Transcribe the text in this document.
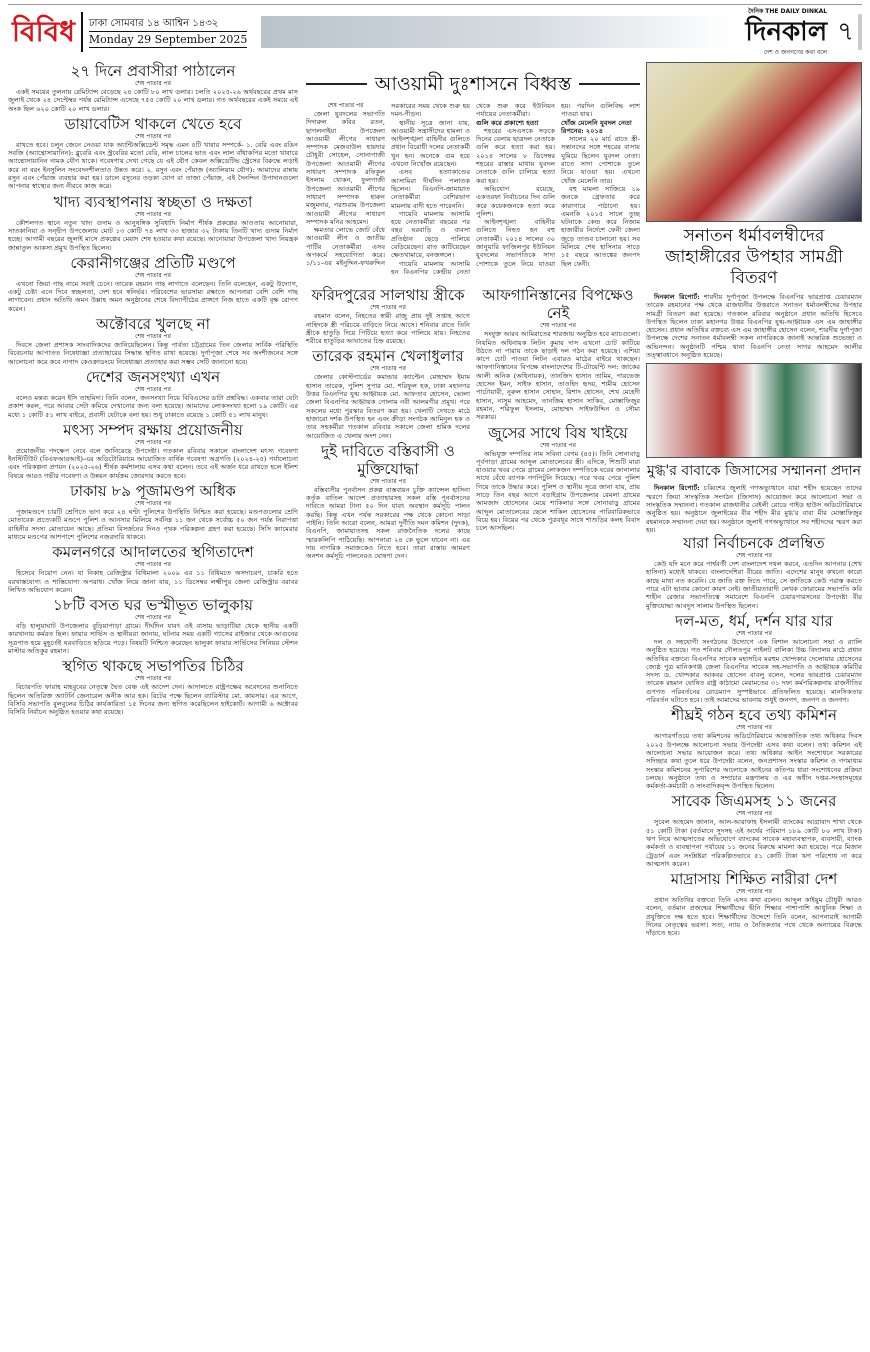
বিবিধ	ঢাকা সোমবার ১৪ আশ্বিন ১৪৩২
Monday 29 September 2025
দৈনিক THE DAILY DINKAL
দিনকাল
দেশ ও জনগণের কথা বলে
৭
২৭ দিনে প্রবাসীরা পাঠালেন
শেষ পাতার পর
একই সময়ের তুলনায় রেমিট্যান্স বেড়েছে ২৪ কোটি ৮০ লাখ ডলার। চলতি ২০২৫-২৬ অর্থবছরের প্রথম মাস জুলাই থেকে ২৪ সেপ্টেম্বর পর্যন্ত রেমিট্যান্স এসেছে ৭৫৫ কোটি ২০ লাখ ডলার। গত অর্থবছরের একই সময়ে এই অংক ছিল ৬২০ কোটি ২০ লাখ ডলার।
ডায়াবেটিস থাকলে খেতে হবে
শেষ পাতার পর
রাখতে হবে। চলুন জেনে নেওয়া যাক অ্যান্টিঅক্সিডেন্ট সমৃদ্ধ এমন ৫টি খাবার সম্পর্কে- ১. বেরি এবং রঙিন সবজি (অ্যান্থোসায়ানিন): ব্লুবেরি এবং স্ট্রবেরির মতো বেরি, লাল চালের ভাত এবং লাল বাঁধাকপির মতো খাবারে অ্যান্থোসায়ানিন নামক যৌগ থাকে। গবেষণায় দেখা গেছে যে এই যৌগ কেবল অক্সিডেটিভ স্ট্রেসের বিরুদ্ধে লড়াই করে না বরং ইনসুলিন সংবেদনশীলতাও উন্নত করে। ২. রসুন এবং পেঁয়াজ (অ্যালিয়াম যৌগ): আমাদের রান্নায় রসুন এবং পেঁয়াজ ব্যবহার করা হয়। ডালে রসুনের তড়কা যোগ বা তাজা পেঁয়াজ, এই দৈনন্দিন উপাদানগুলো আপনার স্বাস্থ্যের জন্য নীরবে কাজ করে।
খাদ্য ব্যবস্থাপনায় স্বচ্ছতা ও দক্ষতা
শেষ পাতার পর
কৌশলগত স্থানে নতুন খাদ্য গুদাম ও আনুষঙ্গিক সুবিধাদি নির্মাণ শীর্ষক প্রকল্পের আওতায় আনোয়ারা, সাতকানিয়া ও সন্দ্বীপ উপজেলায় মোট ১৩ কোটি ৭৪ লাখ ৩৩ হাজার ৩২ টাকায় তিনটি খাদ্য গুদাম নির্মাণ হচ্ছে। আগামী বছরের জুলাই মাসে প্রকল্পের মেয়াদ শেষ হওয়ার কথা রয়েছে। আনোয়ারা উপজেলা খাদ্য নিয়ন্ত্রক জান্নাতুল আকসা প্রমুখ উপস্থিত ছিলেন।
কেরানীগঞ্জের প্রতিটি মণ্ডপে
শেষ পাতার পর
এখনো জিয়া গাছ নামে সবাই চেনে। তারেক রহমান গাছ লাগাতে বলেছেন। তিনি বলেছেন, একটু উদ্যোগ, একটু চেষ্টা এনে দিবে স্বচ্ছলতা, দেশ হবে স্বনির্ভর। পরিবেশের ভারসাম্য রক্ষাতে আপনারা বেশি বেশি গাছ লাগাবেন। প্রধান অতিথি অমন উল্লাহ অমন অনুষ্ঠানের শেষে বিদ্যাপীঠের প্রাঙ্গণে নিজ হাতে একটি বৃক্ষ রোপণ করেন।
অক্টোবরে খুলছে না
শেষ পাতার পর
দিবসে জেলা প্রশাসক সাংবাদিকদের জানিয়েছিলেন। কিন্তু পার্বত্য চট্টগ্রামের তিন জেলার সার্বিক পরিস্থিতি বিবেচনায় আপাতত নিষেধাজ্ঞা প্রত্যাহারের সিদ্ধান্ত স্থগিত রাখা হয়েছে। দুর্গাপূজা শেষে সব অংশীজনের সঙ্গে আলোচনা করে কবে নাগাদ কেওক্রাডংয়ে নিষেধাজ্ঞা প্রত্যাহার করা সম্ভব সেটি জানানো হবে।
দেশের জনসংখ্যা এখন
শেষ পাতার পর
বলেও মন্তব্য করেন ইসি তাহমিদা। তিনি বলেন, জনসংখ্যা নিয়ে বিবিএসের ডাটা প্রশ্নবিদ্ধ। একবার তারা যেটা প্রকাশ করল, পরে আবার সেটা কমিয়ে দেখানোর জন্য বলা হয়েছে। আমাদের লোকসংখ্যা হলো ১৯ কোটি। এর মধ্যে ১ কোটি ৫১ লাখ বাইরে, প্রবাসী যেটাকে বলা হয়। শুধু ঢাকাতে রয়েছে ১ কোটি ৫১ লাখ মানুষ।
মৎস্য সম্পদ রক্ষায় প্রয়োজনীয়
শেষ পাতার পর
প্রয়োজনীয় পদক্ষেপ নেবে বলে জানিয়েছে উপদেষ্টা। গতকাল রবিবার সকালে বাংলাদেশ মৎস্য গবেষণা ইনস্টিটিউট (বিএফআরআই)-এর অডিটোরিয়ামে আয়োজিত বার্ষিক গবেষণা অগ্রগতি (২০২৪-২৫) পর্যালোচনা এবং পরিকল্পনা প্রণয়ন (২০২৫-২৬) শীর্ষক কর্মশালায় এসব কথা বলেন। তবে এই অর্জন ধরে রাখতে হলে ইলিশ বিষয়ে আরও গভীর গবেষণা ও উন্নয়ন কার্যক্রম জোরদার করতে হবে।
ঢাকায় ৮৯ পূজামণ্ডপ অধিক
শেষ পাতার পর
পূজামণ্ডপে চারটি শ্রেণিতে ভাগ করে ২৪ ঘণ্টা পুলিশের উপস্থিতি নিশ্চিত করা হয়েছে। মণ্ডপগুলোর শ্রেণি মোতাবেক প্রত্যেকটি মণ্ডপে পুলিশ ও আনসার মিলিয়ে সর্বনিম্ন ১১ জন থেকে সর্বোচ্চ ৫০ জন পর্যন্ত নিরাপত্তা বাহিনীর সদস্য মোতায়েন আছে। প্রতিমা বিসর্জনের দিনও পৃথক পরিকল্পনা গ্রহণ করা হয়েছে। সিসি ক্যামেরার মাধ্যমে মণ্ডপের আশপাশে পুলিশের নজরদারি থাকবে।
কমলনগরে আদালতের স্থগিতাদেশ
শেষ পাতার পর
হিসেবে নিয়োগ নেন। যা নিকাহ রেজিস্ট্রার বিধিমালা ২০০৯ এর ১১ বিধিমতে অসদাচরণ, চাকরি হতে বরখাস্তযোগ্য ও শাস্তিযোগ্য অপরাধ। খোঁজ নিয়ে জানা যায়, ১১ ডিসেম্বর লক্ষ্মীপুর জেলা রেজিস্ট্রার বরাবর লিখিত অভিযোগ করেন।
১৮টি বসত ঘর ভস্মীভূত ভালুকায়
শেষ পাতার পর
বড়ি হালুয়াঘাট উপজেলার বুড়িয়াপাড়া গ্রামে। দীর্ঘদিন যাবৎ ওই বাসায় ভাড়াটিয়া থেকে স্থানীয় একটি কারখানায় কর্মরত ছিল। ফায়ার সার্ভিস ও স্থানীয়রা জানায়, ঘটনার সময় একটি গ্যাসের রাইজার থেকে আগুনের সূত্রপাত হয়ে মুহূর্তেই ঘরবাড়িতে ছড়িয়ে পড়ে। বিষয়টি নিশ্চিত করেছেন ভালুকা ফায়ার সার্ভিসের সিনিয়র স্টেশন মাস্টার অতিকুর রহমান।
স্থগিত থাকছে সভাপতির চিঠির
শেষ পাতার পর
বিচারপতি ফারাহ মাহবুবের নেতৃত্বে দ্বৈত বেঞ্চ এই আদেশ দেন। আদালতে রাষ্ট্রপক্ষের অবেদনের শুনানিতে ছিলেন অতিরিক্ত অ্যাটর্নি জেনারেল অনীক আর হক। রিটের পক্ষে ছিলেন ব্যারিস্টার মো. কায়সার। এর আগে, বিসিবি সভাপতি বুলবুলের চিঠির কার্যকারিতা ১৫ দিনের জন্য স্থগিত করেছিলেন হাইকোর্ট। আগামী ৬ অক্টোবর বিসিবি নির্বাচন অনুষ্ঠিত হওয়ার কথা রয়েছে।
আওয়ামী দুঃশাসনে বিধ্বস্ত
শেষ পাতার পর
জেলা যুবদলের সভাপতি দিদারুল কবির রতন, ছাগলনাইয়া উপজেলা আওয়ামী লীগের সাধারণ সম্পাদক মেজবাউল হায়দার চৌধুরী সোহেল, সোনাগাজী উপজেলা আওয়ামী লীগের সাধারণ সম্পাদক রফিকুল ইসলাম খোকন, ফুলগাজী উপজেলা আওয়ামী লীগের সাধারণ সম্পাদক হারুন মজুমদার, পরশুরাম উপজেলা আওয়ামী লীগের সাধারণ সম্পাদক মনির আহমেদ।
ক্ষমতার লোভে জোট বেঁধে আওয়ামী লীগ ও জাতীয় পার্টির নেতাকর্মীরা এসব অপকর্মে সহযোগিতা করে। ১/১১-এর মইনুদ্দিন-ফখরুদ্দিন সরকারের সময় থেকে শুরু হয় দমন-পীড়ন।
স্থানীয় সূত্রে জানা যায়, আওয়ামী সন্ত্রাসীদের হামলা ও আইনশৃঙ্খলা বাহিনীর গুলিতে প্রধান বিরোধী দলের নেতাকর্মী খুন হন। অনেকে গুম হয়ে এখনো নিখোঁজ রয়েছেন।
এসব হত্যাকাণ্ডের আসামিরা দীর্ঘদিন পলাতক ছিলেন। বিএনপি-জামায়াত নেতাকর্মীরা বেশিরভাগ মামলায় বাদী হতে পারেননি।
গায়েবি মামলায় আসামি হয়ে নেতাকর্মীরা বছরের পর বছর ঘরবাড়ি ও ব্যবসা প্রতিষ্ঠান ছেড়ে পালিয়ে বেড়িয়েছেন। রাত কাটিয়েছেন ক্ষেতখামারে, বনজঙ্গলে।
গায়েবি মামলায় আসামি হন বিএনপির কেন্দ্রীয় নেতা থেকে শুরু করে ইউনিয়ন পর্যায়ের নেতাকর্মীরা।
গুলি করে প্রকাশ্যে হত্যা
শহরের এসএসকে সড়কে দিনের বেলায় ছাত্রদল নেতাকে গুলি করে হত্যা করা হয়। ২০১৪ সালের ৮ ডিসেম্বর শহরের রাস্তার মাথায় যুবদল নেতাকে গুলি চালিয়ে হত্যা করা হয়।
অভিযোগ রয়েছে, একতরফা নির্বাচনের দিন গুলি করে কয়েকজনকে হত্যা করে পুলিশ।
আইনশৃঙ্খলা বাহিনীর গুলিতে নিহত হন বহু নেতাকর্মী। ২০১৪ সালের ৩০ জানুয়ারি ফাজিলপুর ইউনিয়ন যুবদলের সভাপতিকে সাদা পোশাকে তুলে নিয়ে যাওয়া হয়। পরদিন গুলিবিদ্ধ লাশ পাওয়া যায়।
খোঁজ মেলেনি যুবদল নেতা রিপনের: ২০১৪
সালের ২০ মার্চ রাতে স্ত্রী-সন্তানদের সঙ্গে শহরের বাসায় ঘুমিয়ে ছিলেন যুবদল নেতা। রাতে সাদা পোশাকে তুলে নিয়ে যাওয়া হয়। এখনো খোঁজ মেলেনি তার।
বহু মামলা সাজিয়ে ১৯ জনকে গ্রেফতার করে কারাগারে পাঠানো হয়। এমনকি ২০১৫ সালে তুচ্ছ ঘটনাকে কেন্দ্র করে নিজাম হাজারীর নির্দেশে ফেনী জেলা জুড়ে তাণ্ডব চালানো হয়। সব মিলিয়ে শেষ হাসিনার সাড়ে ১৫ বছরে আতঙ্কের জনপদ ছিল ফেনী।
ফরিদপুরের সালথায় স্ত্রীকে
শেষ পাতার পর
রহমান বলেন, নিহতের স্বামী রাজু প্রায় দুই সপ্তাহ আগে নাহিদকে স্ত্রী পরিচয়ে বাড়িতে নিয়ে আসে। শনিবার রাতে তিনি স্ত্রীকে হাতুড়ি দিয়ে পিটিয়ে হত্যা করে পালিয়ে যায়। নিহতের শরীরে হাতুড়ির আঘাতের চিহ্ন রয়েছে।
তারেক রহমান খেলাধুলার
শেষ পাতার পর
জেলার কোস্টগার্ডের কমান্ডার ক্যাপ্টেন মোহাম্মদ ইমাম হাসান তারেক, পুলিশ সুপার মো. শরিফুল হক, ঢাকা মহানগর উত্তর বিএনপির যুগ্ম আহ্বায়ক মো. আফতাব হোসেন, ভোলা জেলা বিএনপির আহ্বায়ক গোলাম নবী আলমগীর প্রমুখ। পরে সকলের মধ্যে পুরস্কার বিতরণ করা হয়। খেলাটি দেখতে মাঠে হাজারো দর্শক উপস্থিত হন এবং ক্রীড়া সংগঠক আমিনুল হক ও তার সহকর্মীরা গতকাল রবিবার সকালে জেলা শ্রমিক দলের আয়োজিত এ খেলায় অংশ নেন।
দুই দাবিতে বস্তিবাসী ও মুক্তিযোদ্ধা
শেষ পাতার পর
বস্তিবাসীর পুনর্বাসন প্রকল্প বাস্তবায়ন চুক্তি ক্যান্সেল হাসিনা কর্তৃক বাতিল আদেশ প্রত্যাহারসহ সকল বস্তি পুনর্বাসনের দাবিতে আমরা টানা ৫০ দিন যাবৎ অবস্থান কর্মসূচি পালন করছি। কিন্তু এখন পর্যন্ত সরকারের পক্ষ থেকে কোনো সাড়া পাইনি। তিনি আরো বলেন, আমরা দুর্নীতি দমন কমিশন (দুদক), বিএনপি, জামায়াতসহ সকল রাজনৈতিক দলের কাছে স্মারকলিপি পাঠিয়েছি। আপনারা ২৪ কে ভুলে যাবেন না। এর দায় নাগরিক সমাজকেও নিতে হবে। তারা রাস্তায় আমরণ অনশন কর্মসূচি পালনেরও ঘোষণা দেন।
আফগানিস্তানের বিপক্ষেও নেই
শেষ পাতার পর
সংযুক্ত আরব আমিরাতের শারজায় অনুষ্ঠিত হবে ম্যাচগুলো। নিয়মিত অধিনায়ক লিটন কুমার দাস এখনো চোট কাটিয়ে উঠতে না পারায় তাকে ছাড়াই দল গঠন করা হয়েছে। এশিয়া কাপে চোট পাওয়া লিটন এবারও মাঠের বাইরে থাকছেন। আফগানিস্তানের বিপক্ষে বাংলাদেশের টি-টোয়েন্টি দল: জাকের আলী অনিক (অধিনায়ক), তানজিদ হাসান তামিম, পারভেজ হোসেন ইমন, সাইফ হাসান, তাওহিদ হৃদয়, শামীম হোসেন পাটোয়ারী, নুরুল হাসান সোহান, রিশাদ হোসেন, শেখ মেহেদী হাসান, নাসুম আহমেদ, তানজিম হাসান সাকিব, মোস্তাফিজুর রহমান, শরিফুল ইসলাম, মোহাম্মদ সাইফউদ্দিন ও সৌম্য সরকার।
জুসের সাথে বিষ খাইয়ে
শেষ পাতার পর
অভিযুক্ত দম্পতির নাম সবিনা বেগম (৪৫)। তিনি সোনাবাড়ু পূর্বপাড়া গ্রামের আব্দুল মোতালেবের স্ত্রী। এদিকে, শিশুটি মারা যাওয়ার খবর পেয়ে গ্রামের লোকজন দম্পতিকে ঘরের জানালার সাথে বেঁধে ব্যাপক গণপিটুনি দিয়েছে। পরে খবর পেয়ে পুলিশ গিয়ে তাকে উদ্ধার করে। পুলিশ ও স্থানীয় সূত্রে জানা যায়, প্রায় সাড়ে তিন বছর আগে বড়াইগ্রাম উপজেলার রেমলা গ্রামের আমজাদ হোসেনের মেয়ে শাকিলার সঙ্গে সোনাবাড়ু গ্রামের আব্দুল মোতালেবের ছেলে শাকিল হোসেনের পারিবারিকভাবে বিয়ে হয়। বিয়ের পর থেকে পুত্রবধূর সাথে শাশুড়ির কলহ বিবাদ চলে আসছিল।
সনাতন ধর্মাবলম্বীদের জাহাঙ্গীরের উপহার সামগ্রী বিতরণ
দিনকাল রিপোর্ট: শারদীয় দুর্গাপূজা উপলক্ষে বিএনপির ভারপ্রাপ্ত চেয়ারম্যান তারেক রহমানের পক্ষ থেকে রাজধানীর উত্তরাতে সনাতন ধর্মাবলম্বীদের উপহার সামগ্রী বিতরণ করা হয়েছে। গতকাল রবিবার অনুষ্ঠানে প্রধান অতিথি হিসেবে উপস্থিত ছিলেন ঢাকা মহানগর উত্তর বিএনপির যুগ্ম-আহ্বায়ক এস এম জাহাঙ্গীর হোসেন। প্রধান অতিথির বক্তব্যে এস এম জাহাঙ্গীর হোসেন বলেন, শারদীয় দুর্গাপূজা উপলক্ষে দেশের সনাতন ধর্মাবলম্বী সকল নাগরিককে জানাই আন্তরিক শুভেচ্ছা ও অভিনন্দন। অনুষ্ঠানটি পশ্চিম থানা বিএনপি নেতা সাগর আহমেদ আলীর তত্ত্বাবধানে অনুষ্ঠিত হয়েছে।
মুগ্ধ'র বাবাকে জিসাসের সম্মাননা প্রদান
দিনকাল রিপোর্ট: চব্বিশের জুলাই গণঅভ্যুত্থানে যারা শহীদ হয়েছেন তাদের স্মরণে জিয়া সাংস্কৃতিক সংগঠন (জিসাস) আয়োজন করে আলোচনা সভা ও সাংস্কৃতিক সম্মাননা। গতকাল রাজধানীর বেইলী রোডে গাইড হাউস অডিটোরিয়ামে অনুষ্ঠিত হয়। অনুষ্ঠানে জুলাইয়ের বীর শহীদ মীর মুগ্ধ'র বাবা মীর মোস্তাফিজুর রহমানকে সম্মাননা দেয়া হয়। অনুষ্ঠানে জুলাই গণঅভ্যুত্থানে সব শহীদদের স্মরণ করা হয়।
যারা নির্বাচনকে প্রলম্বিত
শেষ পাতার পর
কেউ যদি মনে করে পার্শ্ববর্তী দেশ বাংলাদেশ দখল করবে, এতদিন আপনার (শেখ হাসিনা) মধ্যেই থাকবে। বাংলাদেশিরা বীরের জাতি। এদেশের মানুষ কখনো কারো কাছে মাথা নত করেনি। যে জাতি রক্ত দিতে পারে, সে জাতিকে কেউ পরাস্ত করতে পারে এটা ভাবার কোনো কারণ নেই। জাতীয়তাবাদী লেখক ফোরামের সভাপতি কবি শাহীন রেজার সভাপতিত্বে সমাবেশে বিএনপি চেয়ারপারসনের উপদেষ্টা বীর মুক্তিযোদ্ধা আবদুস সালাম উপস্থিত ছিলেন।
দল-মত, ধর্ম, দর্শন যার যার
শেষ পাতার পর
দল ও সহযোগী সংগঠনের উদ্যোগে এক বিশাল আলোচনা সভা ও র‌্যালি অনুষ্ঠিত হয়েছে। গত শনিবার দৌলতপুর পাইলট বালিকা উচ্চ বিদ্যালয় মাঠে প্রধান অতিথির বক্তব্যে বিএনপির সাবেক মহাসচিব মরহুম খোন্দকার দেলোয়ার হোসেনের জ্যেষ্ঠ পুত্র মানিকগঞ্জ জেলা বিএনপির সাবেক সহ-সভাপতি ও আহ্বায়ক কমিটির সদস্য ড. খোন্দকার আকবর হোসেন বাবলু বলেন, দলের ভারপ্রাপ্ত চেয়ারম্যান তারেক রহমান ঘোষিত রাষ্ট্র কাঠামো মেরামতের ৩১ দফা কর্মপরিকল্পনায় রাজনীতির গুণগত পরিবর্তনের রোডম্যাপ সুস্পষ্টভাবে প্রতিফলিত হয়েছে। মানসিকতার পরিবর্তন ঘটাতে হবে। তাই আমাদের ভাবনায় শুধুই জনগণ, জনগণ ও জনগণ।
শীঘ্রই গঠন হবে তথ্য কমিশন
শেষ পাতার পর
আগারগাঁওয়ে তথ্য কমিশনের অডিটোরিয়ামে আন্তর্জাতিক তথ্য অধিকার দিবস ২০২৫ উপলক্ষে আলোচনা সভায় উপদেষ্টা এসব কথা বলেন। তথ্য কমিশন এই আলোচনা সভার আয়োজন করে। তথ্য অধিকার আইন সংশোধনে সরকারের সদিচ্ছার কথা তুলে ধরে উপদেষ্টা বলেন, জনপ্রশাসন সংস্কার কমিশন ও গণমাধ্যম সংস্কার কমিশনের সুপারিশের আলোকে আইনের কতিপয় ধারা সংশোধনের প্রক্রিয়া চলছে। অনুষ্ঠানে তথ্য ও সম্প্রচার মন্ত্রণালয় ও এর অধীন দপ্তর-সংস্থাসমূহের কর্মকর্তা-কর্মচারী ও সাংবাদিকবৃন্দ উপস্থিত ছিলেন।
সাবেক জিএমসহ ১১ জনের
শেষ পাতার পর
সুবেল আহমেদ জানান, আল-আরাফাহ ইসলামী ব্যাংকের আগ্রাবাদ শাখা থেকে ৫১ কোটি টাকা (বর্তমানে সুদসহ এই অর্থের পরিমাণ ১৮৯ কোটি ৮০ লাখ টাকা) ঋণ নিয়ে আত্মসাতের অভিযোগে ব্যাংকের সাবেক মহাব্যবস্থাপক, ব্যবসায়ী, ব্যাংক কর্মকর্তা ও ব্যবস্থাপনা পর্যায়ের ১১ জনের বিরুদ্ধে মামলা করা হয়েছে। পরে মিজান ট্রেডার্স এবং সংশ্লিষ্টরা পরিকল্পিতভাবে ৫১ কোটি টাকা ঋণ পরিশোধ না করে আত্মসাৎ করেন।
মাদ্রাসায় শিক্ষিত নারীরা দেশ
শেষ পাতার পর
প্রধান অতিথির বক্তব্যে তিনি এসব কথা বলেন। আব্দুল কাইয়ুম চৌধুরী আরও বলেন, বর্তমান প্রজন্মের শিক্ষার্থীদের দ্বীনি শিক্ষার পাশাপাশি আধুনিক শিক্ষা ও প্রযুক্তিতে দক্ষ হতে হবে। শিক্ষার্থীদের উদ্দেশে তিনি বলেন, আপনারাই আগামী দিনের নেতৃত্বের ভরসা। সত্য, ন্যায় ও নৈতিকতার পথে থেকে অন্যায়ের বিরুদ্ধে দাঁড়াতে হবে।
